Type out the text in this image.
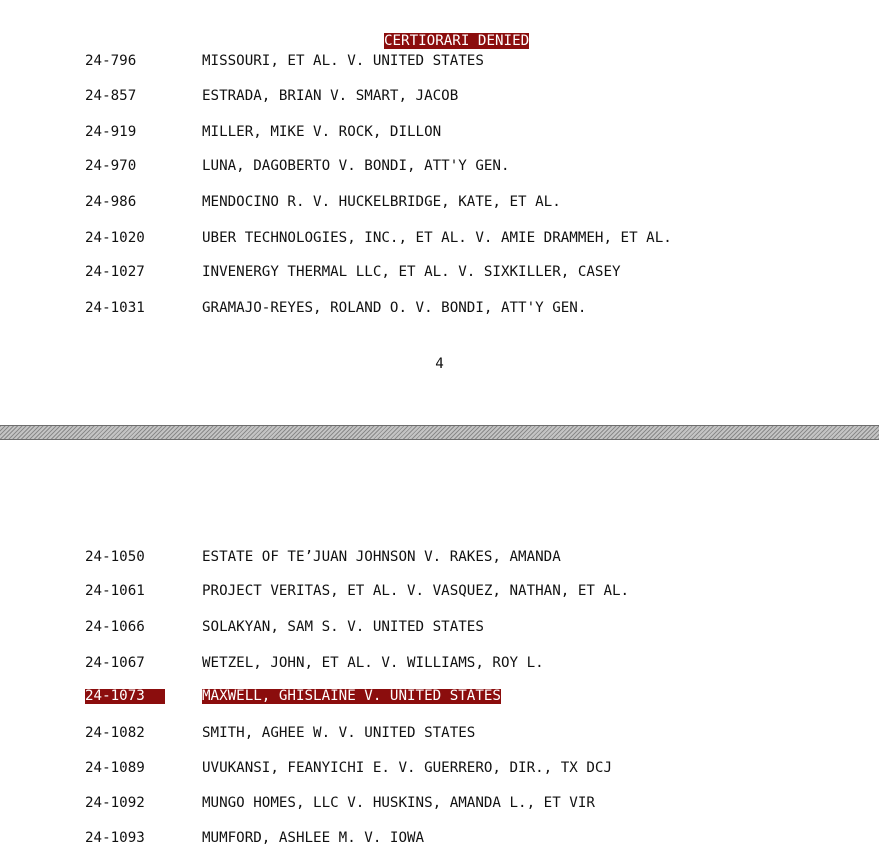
CERTIORARI DENIED

24-796

	MISSOURI, ET AL. V. UNITED STATES

24-857

	ESTRADA, BRIAN V. SMART, JACOB

24-919

	MILLER, MIKE V. ROCK, DILLON

24-970

	LUNA, DAGOBERTO V. BONDI, ATT'Y GEN.

24-986

	MENDOCINO R. V. HUCKELBRIDGE, KATE, ET AL.

24-1020

	UBER TECHNOLOGIES, INC., ET AL. V. AMIE DRAMMEH, ET AL.

24-1027

	INVENERGY THERMAL LLC, ET AL. V. SIXKILLER, CASEY

24-1031

	GRAMAJO-REYES, ROLAND O. V. BONDI, ATT'Y GEN.

4

24-1050

	ESTATE OF TE’JUAN JOHNSON V. RAKES, AMANDA

24-1061

	PROJECT VERITAS, ET AL. V. VASQUEZ, NATHAN, ET AL.

24-1066

	SOLAKYAN, SAM S. V. UNITED STATES

24-1067

	WETZEL, JOHN, ET AL. V. WILLIAMS, ROY L.

24-1073

	MAXWELL, GHISLAINE V. UNITED STATES

24-1082

	SMITH, AGHEE W. V. UNITED STATES

24-1089

	UVUKANSI, FEANYICHI E. V. GUERRERO, DIR., TX DCJ

24-1092

	MUNGO HOMES, LLC V. HUSKINS, AMANDA L., ET VIR

24-1093

	MUMFORD, ASHLEE M. V. IOWA
